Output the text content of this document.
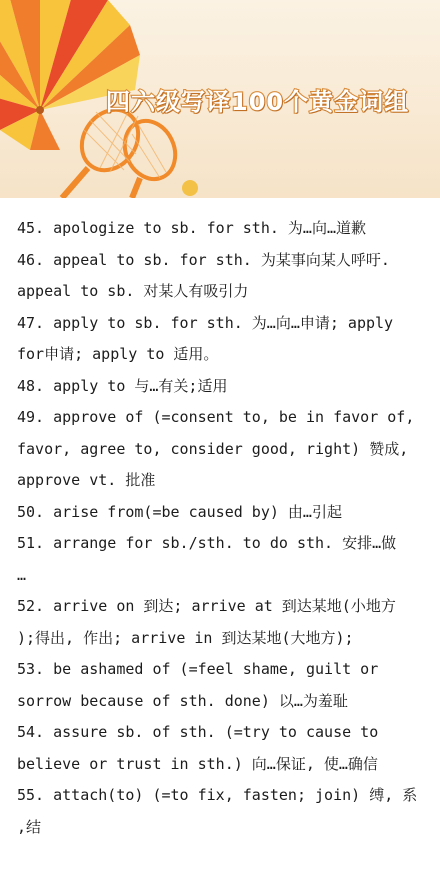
四六级写译100个黄金词组
45. apologize to sb. for sth. 为…向…道歉
46. appeal to sb. for sth. 为某事向某人呼吁.
appeal to sb. 对某人有吸引力
47. apply to sb. for sth. 为…向…申请; apply
for申请; apply to 适用。
48. apply to 与…有关;适用
49. approve of (=consent to, be in favor of,
favor, agree to, consider good, right) 赞成,
approve vt. 批准
50. arise from(=be caused by) 由…引起
51. arrange for sb./sth. to do sth. 安排…做
…
52. arrive on 到达; arrive at 到达某地(小地方
);得出, 作出; arrive in 到达某地(大地方);
53. be ashamed of (=feel shame, guilt or
sorrow because of sth. done) 以…为羞耻
54. assure sb. of sth. (=try to cause to
believe or trust in sth.) 向…保证, 使…确信
55. attach(to) (=to fix, fasten; join) 缚, 系
,结
